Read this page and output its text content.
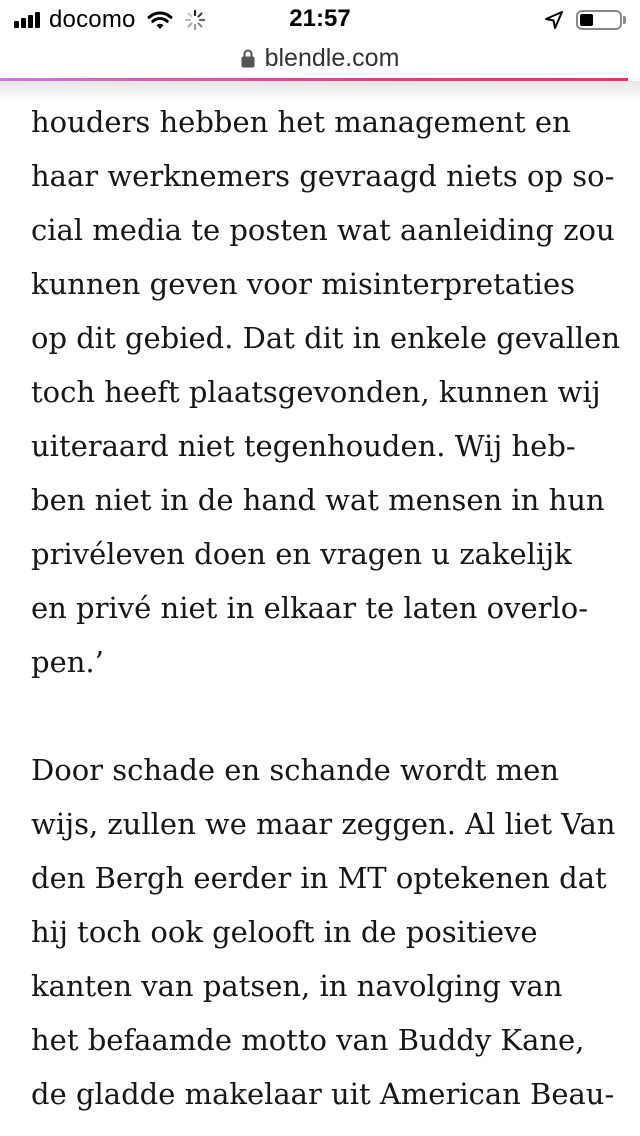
docomo	21:57
blendle.com
houders hebben het management en
haar werknemers gevraagd niets op so-
cial media te posten wat aanleiding zou
kunnen geven voor misinterpretaties
op dit gebied. Dat dit in enkele gevallen
toch heeft plaatsgevonden, kunnen wij
uiteraard niet tegenhouden. Wij heb-
ben niet in de hand wat mensen in hun
privéleven doen en vragen u zakelijk
en privé niet in elkaar te laten overlo-
pen.’
Door schade en schande wordt men
wijs, zullen we maar zeggen. Al liet Van
den Bergh eerder in MT optekenen dat
hij toch ook gelooft in de positieve
kanten van patsen, in navolging van
het befaamde motto van Buddy Kane,
de gladde makelaar uit American Beau-
